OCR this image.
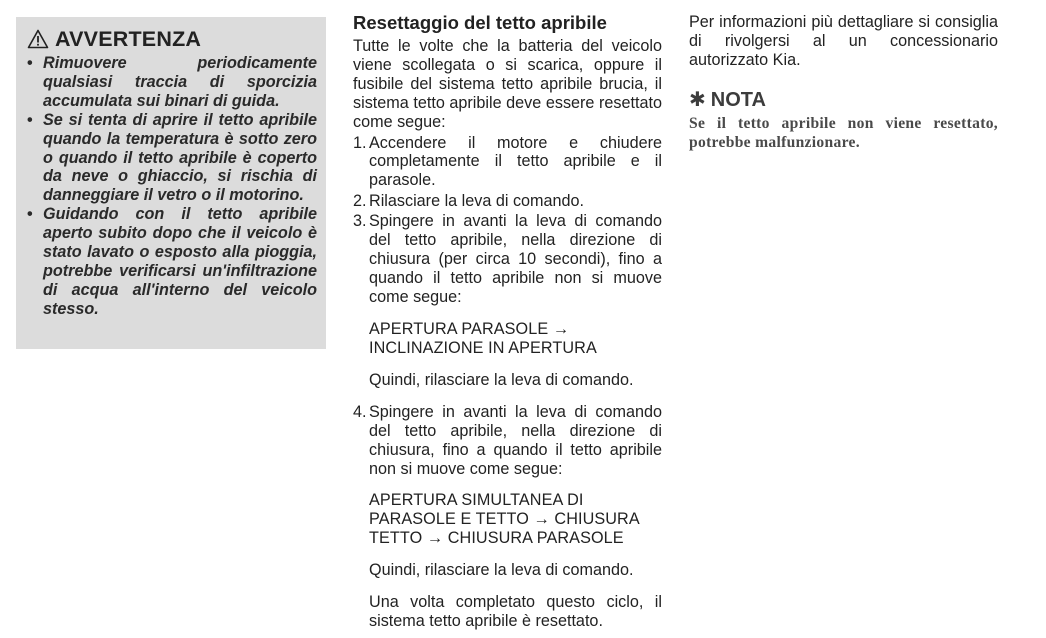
AVVERTENZA
• Rimuovere periodicamente qualsiasi traccia di sporcizia accumulata sui binari di guida.
• Se si tenta di aprire il tetto apribile quando la temperatura è sotto zero o quando il tetto apribile è coperto da neve o ghiaccio, si rischia di danneggiare il vetro o il motorino.
• Guidando con il tetto apribile aperto subito dopo che il veicolo è stato lavato o esposto alla pioggia, potrebbe verificarsi un'infiltrazione di acqua all'interno del veicolo stesso.
Resettaggio del tetto apribile

Tutte le volte che la batteria del veicolo viene scollegata o si scarica, oppure il fusibile del sistema tetto apribile brucia, il sistema tetto apribile deve essere resettato come segue:

1. Accendere il motore e chiudere completamente il tetto apribile e il parasole.
2. Rilasciare la leva di comando.
3. Spingere in avanti la leva di comando del tetto apribile, nella direzione di chiusura (per circa 10 secondi), fino a quando il tetto apribile non si muove come segue:

APERTURA PARASOLE → INCLINAZIONE IN APERTURA

Quindi, rilasciare la leva di comando.

4. Spingere in avanti la leva di comando del tetto apribile, nella direzione di chiusura, fino a quando il tetto apribile non si muove come segue:

APERTURA SIMULTANEA DI PARASOLE E TETTO → CHIUSURA TETTO → CHIUSURA PARASOLE

Quindi, rilasciare la leva di comando.

Una volta completato questo ciclo, il sistema tetto apribile è resettato.

Per informazioni più dettagliare si consiglia di rivolgersi al un concessionario autorizzato Kia.

✱ NOTA

Se il tetto apribile non viene resettato, potrebbe malfunzionare.
